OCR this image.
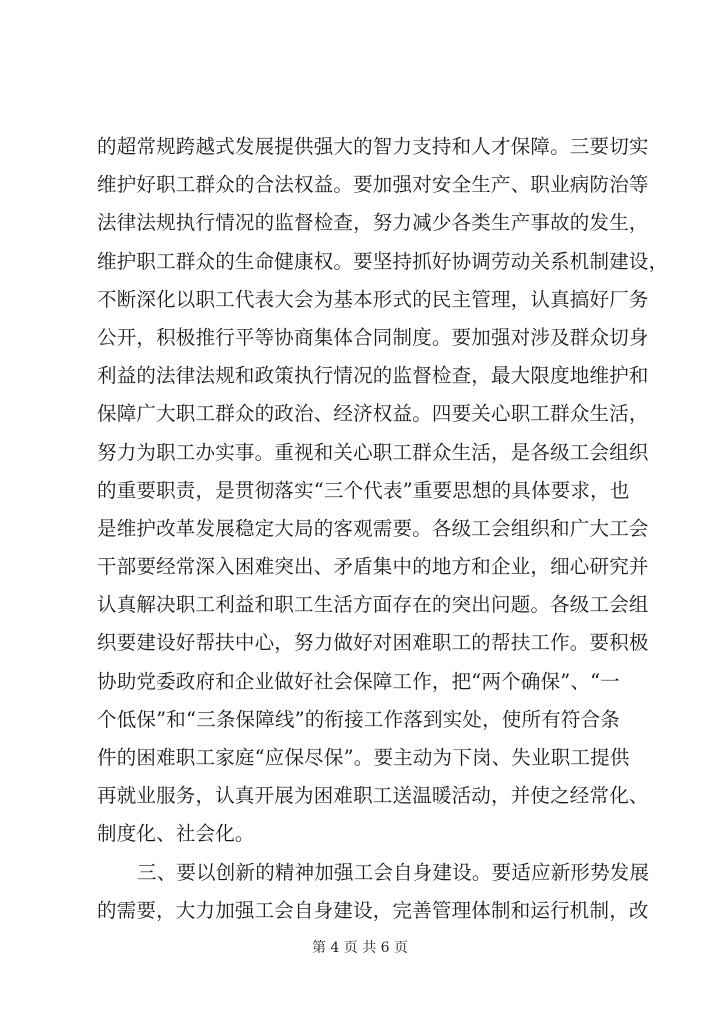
的超常规跨越式发展提供强大的智力支持和人才保障。三要切实
维护好职工群众的合法权益。要加强对安全生产、职业病防治等
法律法规执行情况的监督检查，努力减少各类生产事故的发生，
维护职工群众的生命健康权。要坚持抓好协调劳动关系机制建设，
不断深化以职工代表大会为基本形式的民主管理，认真搞好厂务
公开，积极推行平等协商集体合同制度。要加强对涉及群众切身
利益的法律法规和政策执行情况的监督检查，最大限度地维护和
保障广大职工群众的政治、经济权益。四要关心职工群众生活，
努力为职工办实事。重视和关心职工群众生活，是各级工会组织
的重要职责，是贯彻落实“三个代表”重要思想的具体要求，也
是维护改革发展稳定大局的客观需要。各级工会组织和广大工会
干部要经常深入困难突出、矛盾集中的地方和企业，细心研究并
认真解决职工利益和职工生活方面存在的突出问题。各级工会组
织要建设好帮扶中心，努力做好对困难职工的帮扶工作。要积极
协助党委政府和企业做好社会保障工作，把“两个确保”、“一
个低保”和“三条保障线”的衔接工作落到实处，使所有符合条
件的困难职工家庭“应保尽保”。要主动为下岗、失业职工提供
再就业服务，认真开展为困难职工送温暖活动，并使之经常化、
制度化、社会化。
三、要以创新的精神加强工会自身建设。要适应新形势发展
的需要，大力加强工会自身建设，完善管理体制和运行机制，改
第 4 页 共 6 页
